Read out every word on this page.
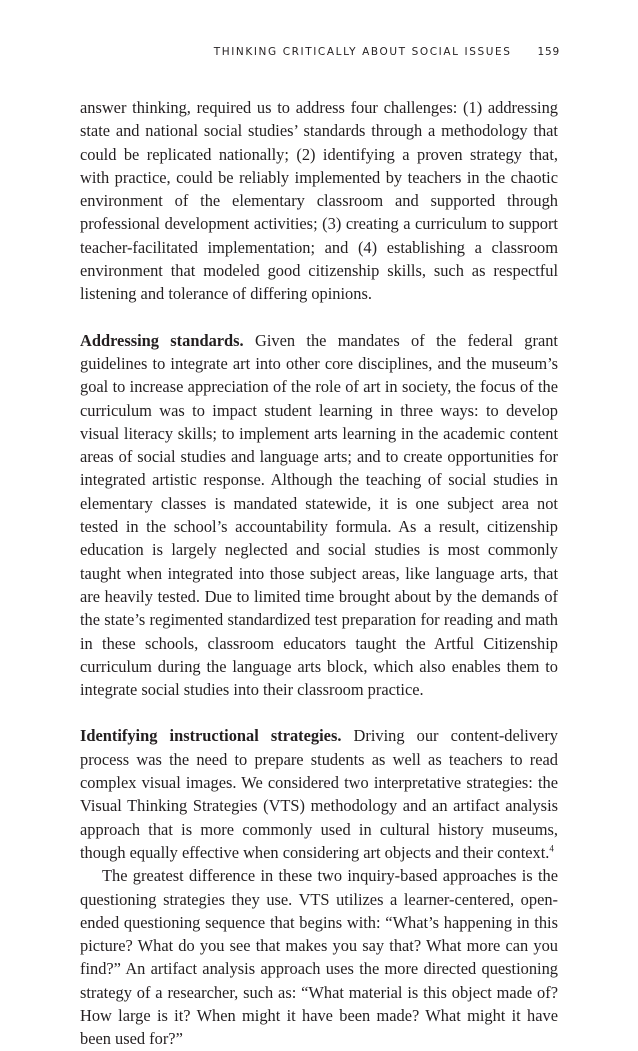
THINKING CRITICALLY ABOUT SOCIAL ISSUES 159

answer thinking, required us to address four challenges: (1) addressing state and national social studies’ standards through a methodology that could be replicated nationally; (2) identifying a proven strategy that, with practice, could be reliably implemented by teachers in the chaotic environment of the elementary classroom and supported through professional development activities; (3) creating a curriculum to support teacher-facilitated implementation; and (4) establishing a classroom environment that modeled good citizenship skills, such as respectful listening and tolerance of differing opinions.

Addressing standards. Given the mandates of the federal grant guidelines to integrate art into other core disciplines, and the museum’s goal to increase appreciation of the role of art in society, the focus of the curriculum was to impact student learning in three ways: to develop visual literacy skills; to implement arts learning in the academic content areas of social studies and language arts; and to create opportunities for integrated artistic response. Although the teaching of social studies in elementary classes is mandated statewide, it is one subject area not tested in the school’s accountability formula. As a result, citizenship education is largely neglected and social studies is most commonly taught when integrated into those subject areas, like language arts, that are heavily tested. Due to limited time brought about by the demands of the state’s regimented standardized test preparation for reading and math in these schools, classroom educators taught the Artful Citizenship curriculum during the language arts block, which also enables them to integrate social studies into their classroom practice.

Identifying instructional strategies. Driving our content-delivery process was the need to prepare students as well as teachers to read complex visual images. We considered two interpretative strategies: the Visual Thinking Strategies (VTS) methodology and an artifact analysis approach that is more commonly used in cultural history museums, though equally effective when considering art objects and their context.$^4$

The greatest difference in these two inquiry-based approaches is the questioning strategies they use. VTS utilizes a learner-centered, open-ended questioning sequence that begins with: “What’s happening in this picture? What do you see that makes you say that? What more can you find?” An artifact analysis approach uses the more directed questioning strategy of a researcher, such as: “What material is this object made of? How large is it? When might it have been made? What might it have been used for?”
